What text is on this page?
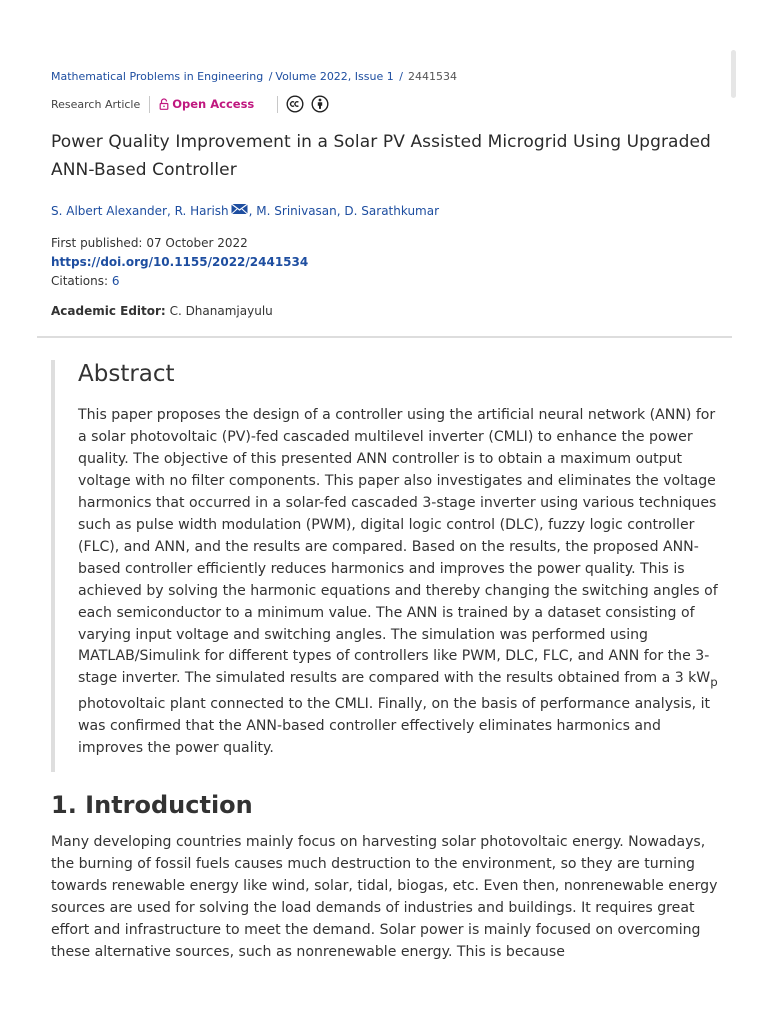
Mathematical Problems in Engineering / Volume 2022, Issue 1 / 2441534
Research Article	Open Access
Power Quality Improvement in a Solar PV Assisted Microgrid Using Upgraded ANN-Based Controller
S. Albert Alexander,
R. Harish ,
M. Srinivasan,
D. Sarathkumar
First published: 07 October 2022
https://doi.org/10.1155/2022/2441534
Citations: 6
Academic Editor: C. Dhanamjayulu
Abstract

This paper proposes the design of a controller using the artificial neural network (ANN) for a solar photovoltaic (PV)-fed cascaded multilevel inverter (CMLI) to enhance the power quality. The objective of this presented ANN controller is to obtain a maximum output voltage with no filter components. This paper also investigates and eliminates the voltage harmonics that occurred in a solar-fed cascaded 3-stage inverter using various techniques such as pulse width modulation (PWM), digital logic control (DLC), fuzzy logic controller (FLC), and ANN, and the results are compared. Based on the results, the proposed ANN-based controller efficiently reduces harmonics and improves the power quality. This is achieved by solving the harmonic equations and thereby changing the switching angles of each semiconductor to a minimum value. The ANN is trained by a dataset consisting of varying input voltage and switching angles. The simulation was performed using MATLAB/Simulink for different types of controllers like PWM, DLC, FLC, and ANN for the 3-stage inverter. The simulated results are compared with the results obtained from a 3 $kW_p$ photovoltaic plant connected to the CMLI. Finally, on the basis of performance analysis, it was confirmed that the ANN-based controller effectively eliminates harmonics and improves the power quality.

1. Introduction

Many developing countries mainly focus on harvesting solar photovoltaic energy. Nowadays, the burning of fossil fuels causes much destruction to the environment, so they are turning towards renewable energy like wind, solar, tidal, biogas, etc. Even then, nonrenewable energy sources are used for solving the load demands of industries and buildings. It requires great effort and infrastructure to meet the demand. Solar power is mainly focused on overcoming these alternative sources, such as nonrenewable energy. This is because
